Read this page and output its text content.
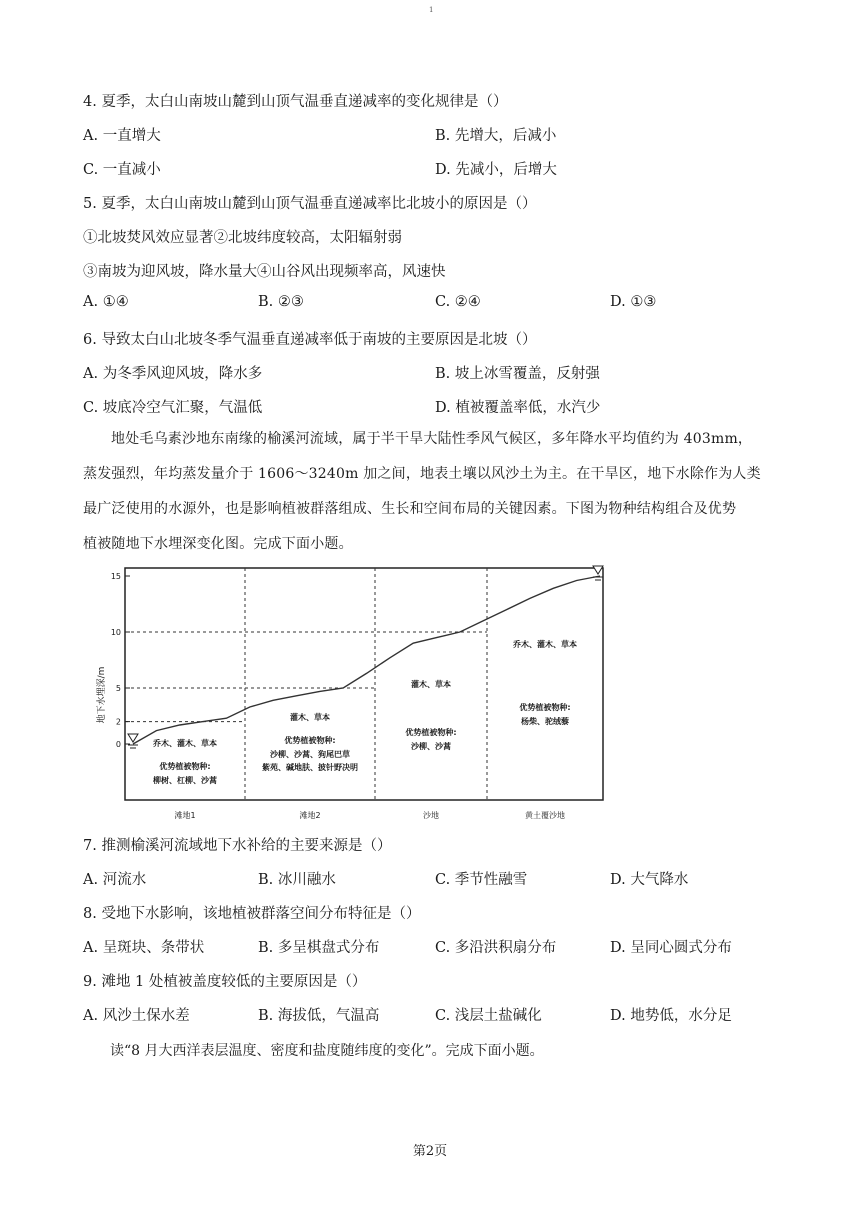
1
4. 夏季，太白山南坡山麓到山顶气温垂直递减率的变化规律是（）
A. 一直增大	B. 先增大，后减小
C. 一直减小	D. 先减小，后增大
5. 夏季，太白山南坡山麓到山顶气温垂直递减率比北坡小的原因是（）
①北坡焚风效应显著②北坡纬度较高，太阳辐射弱
③南坡为迎风坡，降水量大④山谷风出现频率高，风速快
A. ①④	B. ②③	C. ②④	D. ①③
6. 导致太白山北坡冬季气温垂直递减率低于南坡的主要原因是北坡（）
A. 为冬季风迎风坡，降水多	B. 坡上冰雪覆盖，反射强
C. 坡底冷空气汇聚，气温低	D. 植被覆盖率低，水汽少

地处毛乌素沙地东南缘的榆溪河流域，属于半干旱大陆性季风气候区，多年降水平均值约为 403mm，

蒸发强烈，年均蒸发量介于 1606～3240m 加之间，地表土壤以风沙土为主。在干旱区，地下水除作为人类

最广泛使用的水源外，也是影响植被群落组成、生长和空间布局的关键因素。下图为物种结构组合及优势

植被随地下水埋深变化图。完成下面小题。

0
2
5
10
15
地下水埋深/m
乔木、灌木、草本
优势植被物种:
柳树、杠柳、沙蒿
滩地1
灌木、草本
优势植被物种:
沙柳、沙蒿、狗尾巴草
紫苑、碱地肤、披针野决明
滩地2
灌木、草本
优势植被物种:
沙柳、沙蒿
沙地
乔木、灌木、草本
优势植被物种:
杨柴、驼绒藜
黄土覆沙地
7. 推测榆溪河流域地下水补给的主要来源是（）
A. 河流水	B. 冰川融水	C. 季节性融雪	D. 大气降水
8. 受地下水影响，该地植被群落空间分布特征是（）
A. 呈斑块、条带状	B. 多呈棋盘式分布	C. 多沿洪积扇分布	D. 呈同心圆式分布
9. 滩地 1 处植被盖度较低的主要原因是（）
A. 风沙土保水差	B. 海拔低，气温高	C. 浅层土盐碱化	D. 地势低，水分足
读“8 月大西洋表层温度、密度和盐度随纬度的变化”。完成下面小题。
第2页
